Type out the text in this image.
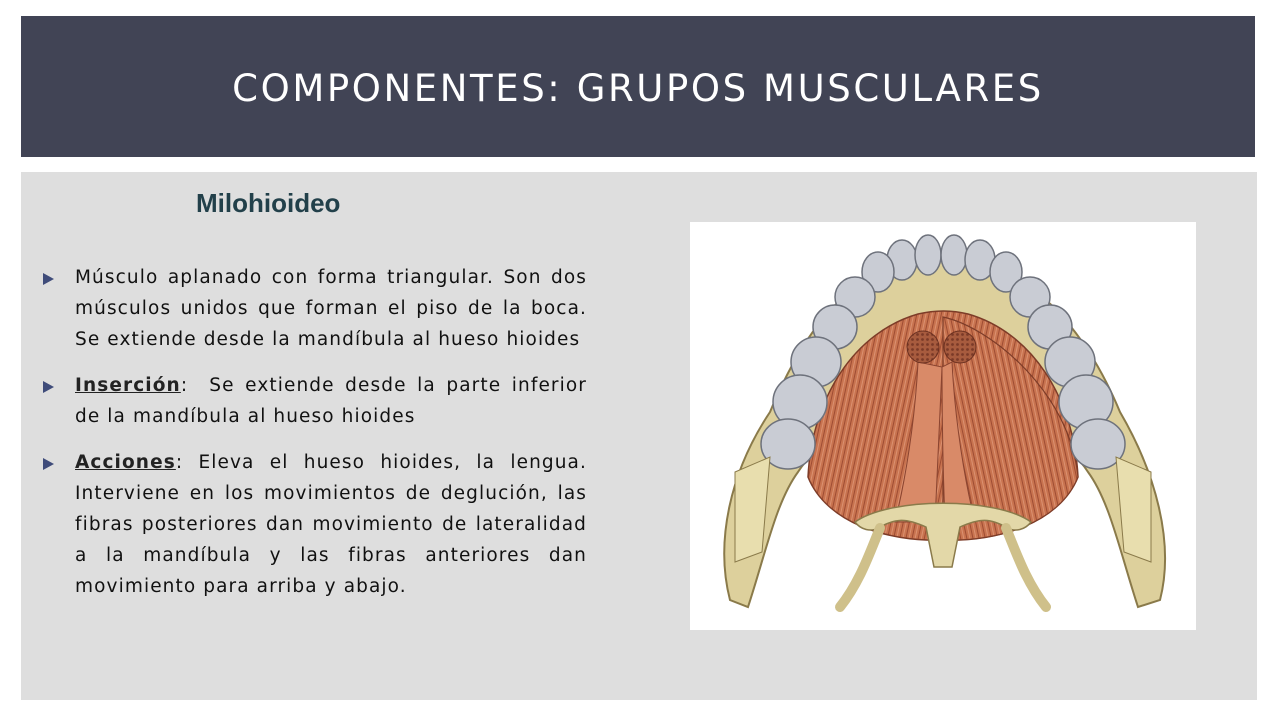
COMPONENTES: GRUPOS MUSCULARES
Milohioideo
Músculo aplanado con forma triangular. Son dos músculos unidos que forman el piso de la boca. Se extiende desde la mandíbula al hueso hioides
Inserción:  Se extiende desde la parte inferior de la mandíbula al hueso hioides
Acciones: Eleva el hueso hioides, la lengua. Interviene en los movimientos de deglución, las fibras posteriores dan movimiento de lateralidad a la mandíbula y las fibras anteriores dan movimiento para arriba y abajo.
